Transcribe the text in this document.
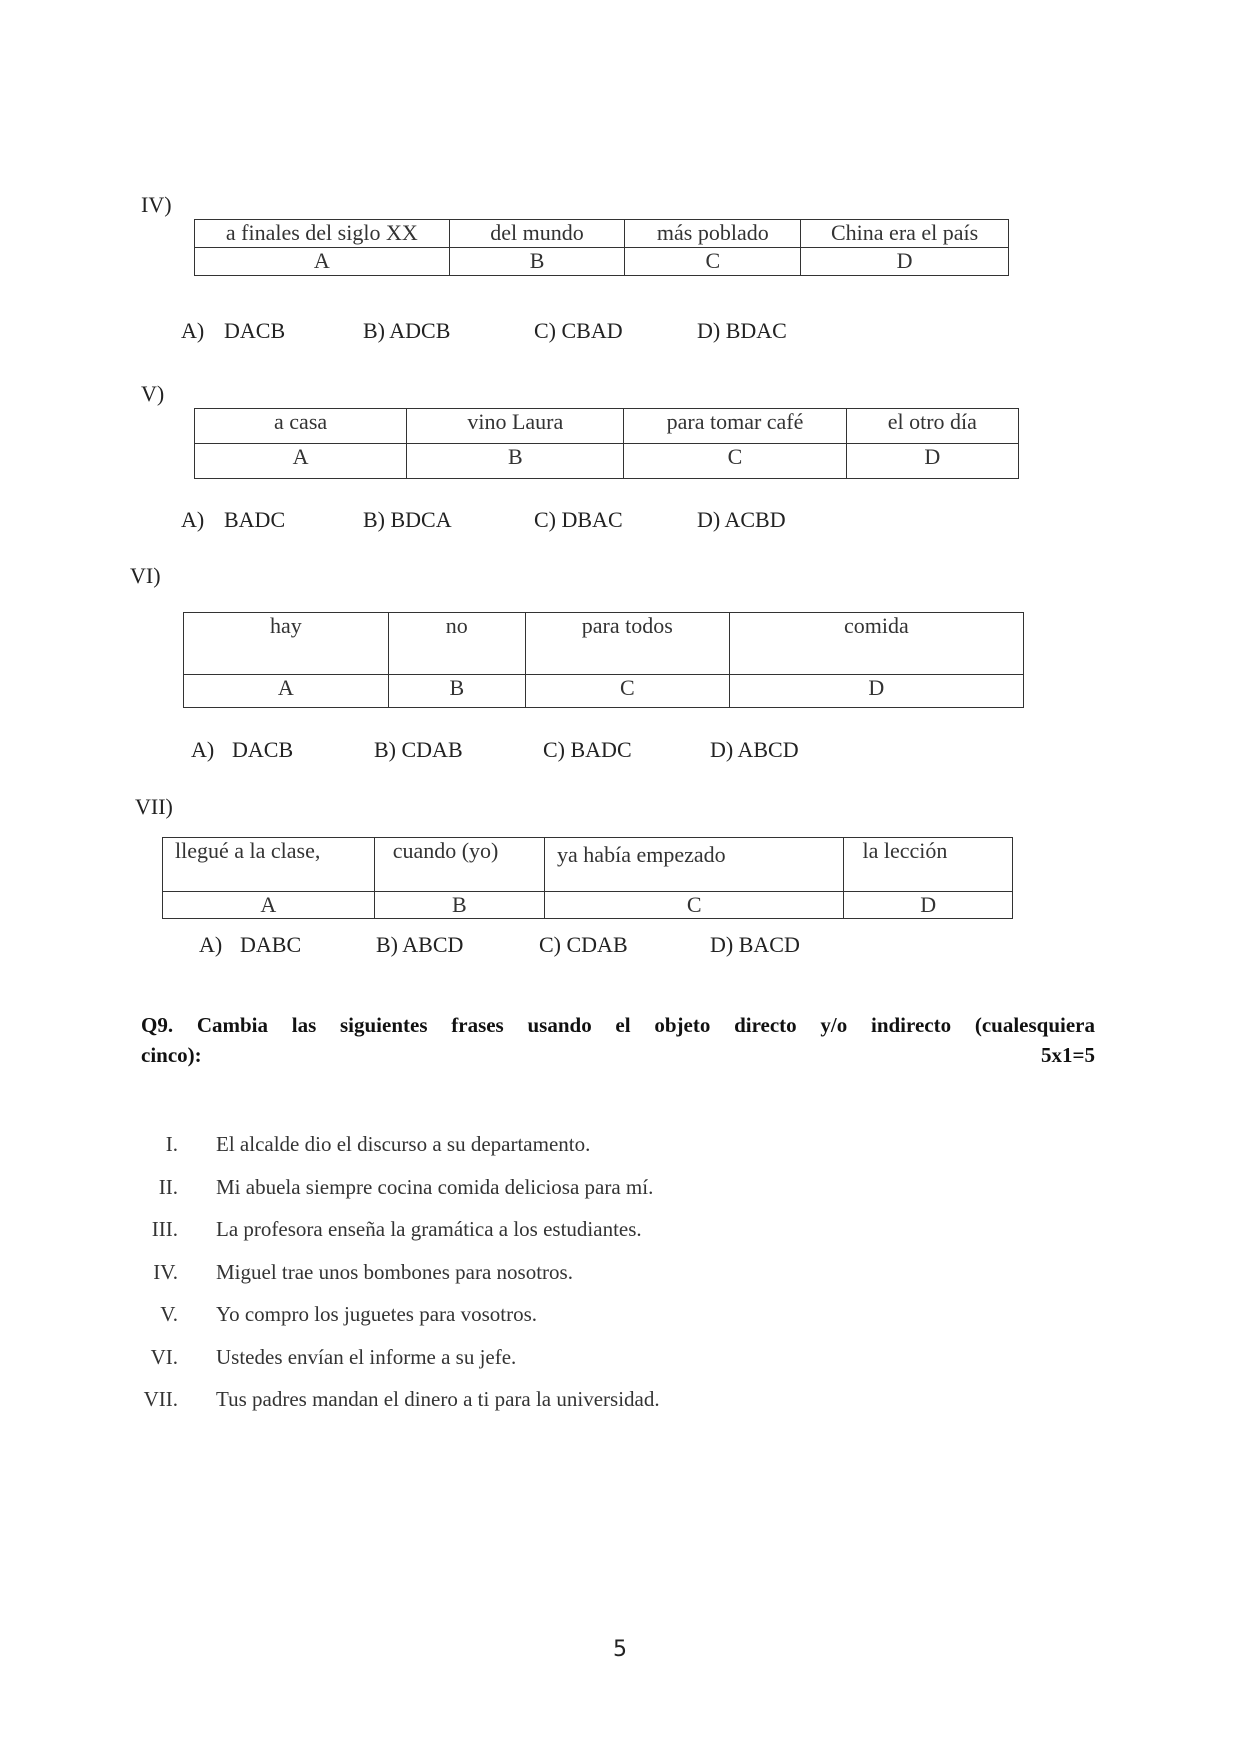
IV)
a finales del siglo XX	del mundo	más poblado	China era el país
A	B	C	D
A) DACB	B) ADCB	C) CBAD	D) BDAC
V)
a casa	vino Laura	para tomar café	el otro día
A	B	C	D
A) BADC	B) BDCA	C) DBAC	D) ACBD
VI)
hay	no	para todos	comida
A	B	C	D
A) DACB	B) CDAB	C) BADC	D) ABCD
VII)
llegué a la clase,	cuando (yo)	ya había empezado	la lección
A	B	C	D
A) DABC	B) ABCD	C) CDAB	D) BACD
Q9. Cambia las siguientes frases usando el objeto directo y/o indirecto (cualesquiera
cinco):	5x1=5
I. El alcalde dio el discurso a su departamento.
II. Mi abuela siempre cocina comida deliciosa para mí.
III. La profesora enseña la gramática a los estudiantes.
IV. Miguel trae unos bombones para nosotros.
V. Yo compro los juguetes para vosotros.
VI. Ustedes envían el informe a su jefe.
VII. Tus padres mandan el dinero a ti para la universidad.
5
